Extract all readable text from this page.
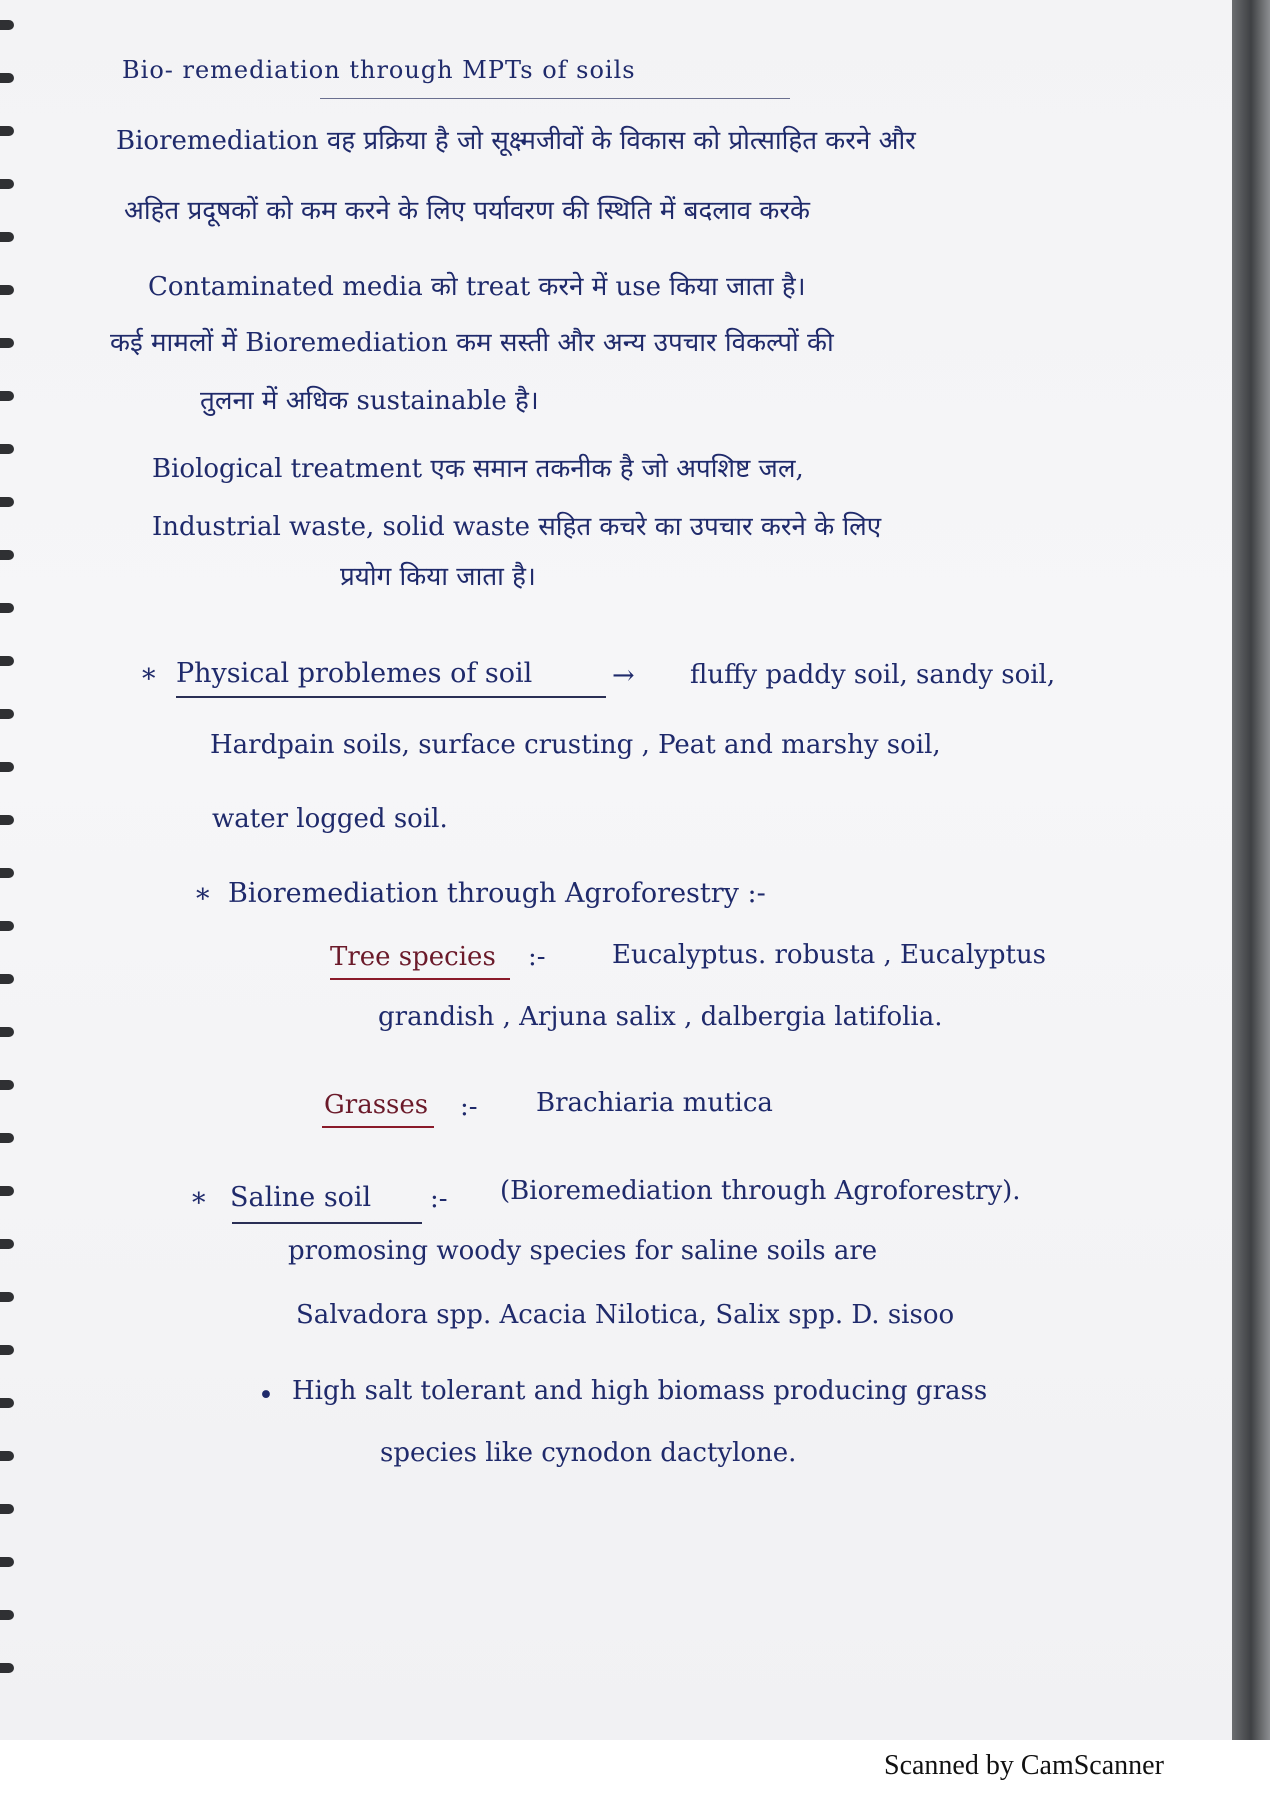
Bio- remediation through MPTs of soils
Bioremediation वह प्रक्रिया है जो सूक्ष्मजीवों के विकास को प्रोत्साहित करने और
अहित प्रदूषकों को कम करने के लिए पर्यावरण की स्थिति में बदलाव करके
Contaminated media को treat करने में use किया जाता है।
कई मामलों में Bioremediation कम सस्ती और अन्य उपचार विकल्पों की
तुलना में अधिक sustainable है।
Biological treatment एक समान तकनीक है जो अपशिष्ट जल,
Industrial waste, solid waste सहित कचरे का उपचार करने के लिए
प्रयोग किया जाता है।
* Physical problemes of soil	→ fluffy paddy soil, sandy soil,
Hardpain soils, surface crusting , Peat and marshy soil,
water logged soil.
* Bioremediation through Agroforestry :-
Tree species :-	Eucalyptus. robusta , Eucalyptus
grandish , Arjuna salix , dalbergia latifolia.
Grasses :- Brachiaria mutica
* Saline soil :- (Bioremediation through Agroforestry).
promosing woody species for saline soils are
Salvadora spp. Acacia Nilotica, Salix spp. D. sisoo
• High salt tolerant and high biomass producing grass
species like cynodon dactylone.
Scanned by CamScanner
